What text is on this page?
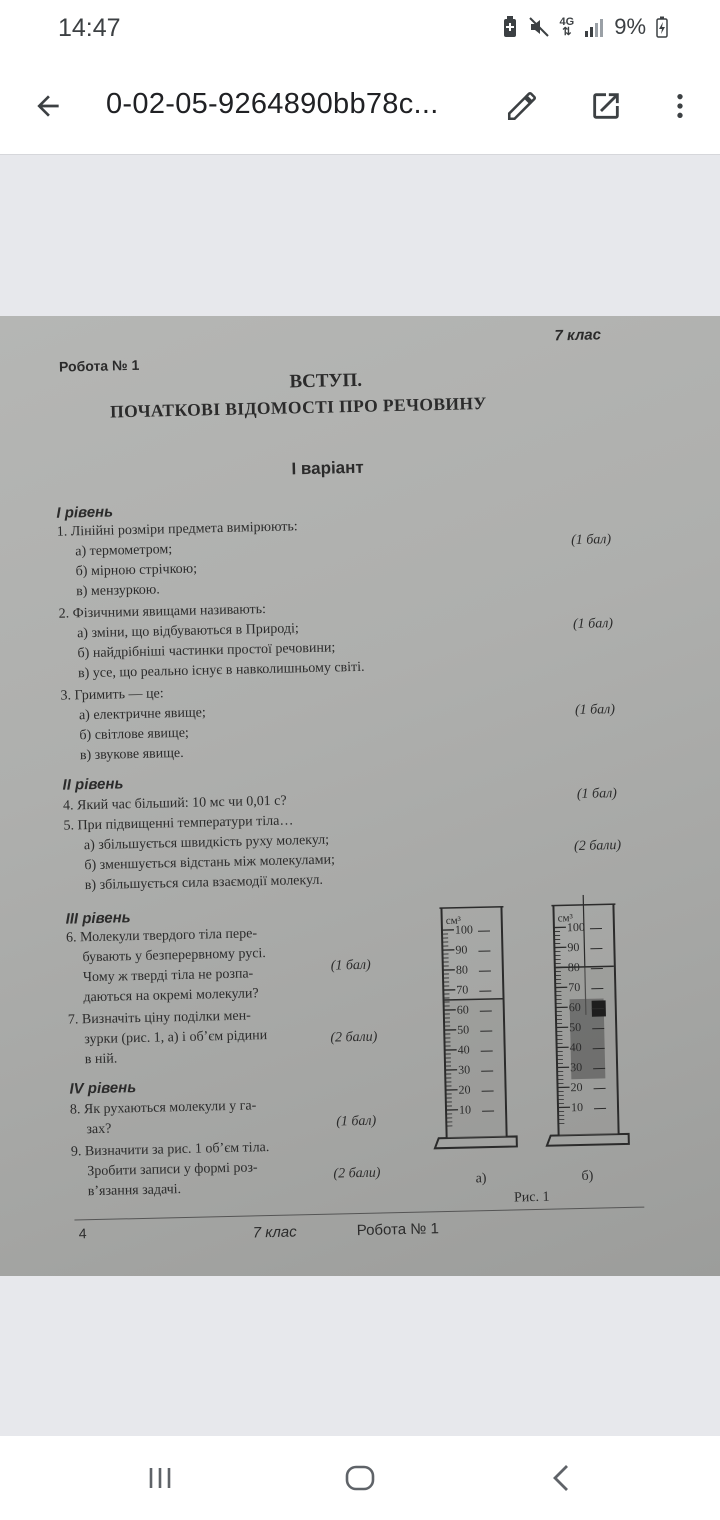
14:47	4G
⇅ 9%
0-02-05-9264890bb78c...
Робота № 1
7 клас
ВСТУП.
ПОЧАТКОВІ ВІДОМОСТІ ПРО РЕЧОВИНУ
І варіант
І рівень
1. Лінійні розміри предмета вимірюють:
а) термометром;
б) мірною стрічкою;
в) мензуркою.
(1 бал)
2. Фізичними явищами називають:
а) зміни, що відбуваються в Природі;
б) найдрібніші частинки простої речовини;
в) усе, що реально існує в навколишньому світі.
(1 бал)
3. Гримить — це:
а) електричне явище;
б) світлове явище;
в) звукове явище.
(1 бал)
ІІ рівень
4. Який час більший: 10 мс чи 0,01 с?	(1 бал)
5. При підвищенні температури тіла…
а) збільшується швидкість руху молекул;
б) зменшується відстань між молекулами;
в) збільшується сила взаємодії молекул.
(2 бали)
ІІІ рівень
6. Молекули твердого тіла пере-
бувають у безперервному русі.
Чому ж тверді тіла не розпа-
даються на окремі молекули?
(1 бал)
7. Визначіть ціну поділки мен-
зурки (рис. 1, а) і об’єм рідини
в ній.
(2 бали)
IV рівень
8. Як рухаються молекули у га-
зах?	(1 бал)
9. Визначити за рис. 1 об’єм тіла.
Зробити записи у формі роз-
в’язання задачі.
(2 бали)
см³
100
90
80
70
60
50
40
30
20
10
см³
100
90
80
70
60
50
40
30
20
10
а)	б)
Рис. 1
4	7 клас	Робота № 1
